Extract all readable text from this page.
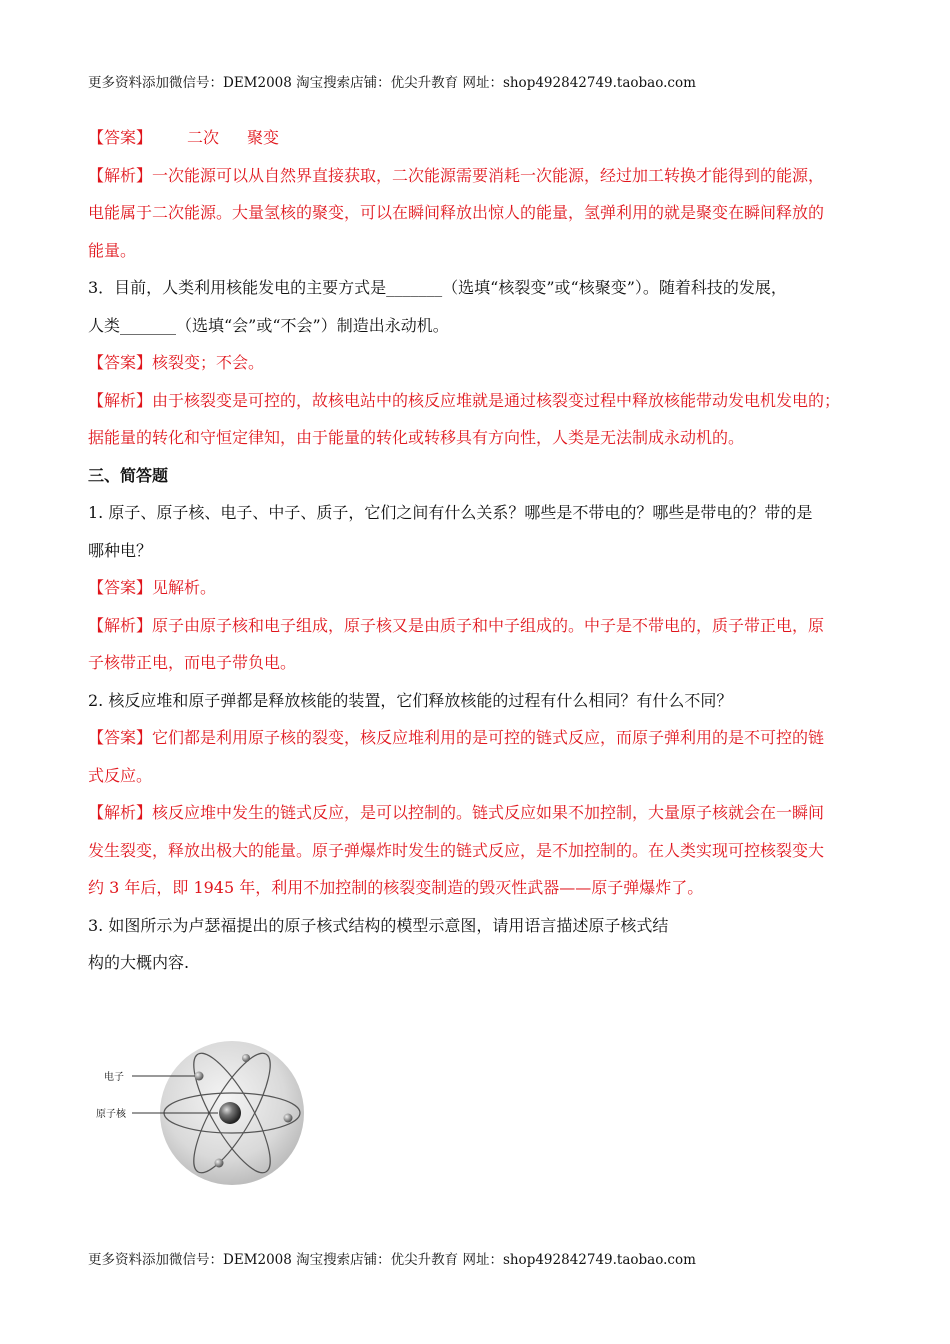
更多资料添加微信号：DEM2008 淘宝搜索店铺：优尖升教育 网址：shop492842749.taobao.com
【答案】 二次 聚变
【解析】一次能源可以从自然界直接获取，二次能源需要消耗一次能源，经过加工转换才能得到的能源，
电能属于二次能源。大量氢核的聚变，可以在瞬间释放出惊人的能量，氢弹利用的就是聚变在瞬间释放的
能量。
3．目前，人类利用核能发电的主要方式是_______（选填“核裂变”或“核聚变”）。随着科技的发展，
人类_______（选填“会”或“不会”）制造出永动机。
【答案】核裂变；不会。
【解析】由于核裂变是可控的，故核电站中的核反应堆就是通过核裂变过程中释放核能带动发电机发电的；
据能量的转化和守恒定律知，由于能量的转化或转移具有方向性，人类是无法制成永动机的。
三、简答题
1. 原子、原子核、电子、中子、质子，它们之间有什么关系？哪些是不带电的？哪些是带电的？带的是
哪种电？
【答案】见解析。
【解析】原子由原子核和电子组成，原子核又是由质子和中子组成的。中子是不带电的，质子带正电，原
子核带正电，而电子带负电。
2. 核反应堆和原子弹都是释放核能的装置，它们释放核能的过程有什么相同？有什么不同？
【答案】它们都是利用原子核的裂变，核反应堆利用的是可控的链式反应，而原子弹利用的是不可控的链
式反应。
【解析】核反应堆中发生的链式反应，是可以控制的。链式反应如果不加控制，大量原子核就会在一瞬间
发生裂变，释放出极大的能量。原子弹爆炸时发生的链式反应，是不加控制的。在人类实现可控核裂变大
约 3 年后，即 1945 年，利用不加控制的核裂变制造的毁灭性武器——原子弹爆炸了。
3. 如图所示为卢瑟福提出的原子核式结构的模型示意图，请用语言描述原子核式结
构的大概内容.
电子
原子核
更多资料添加微信号：DEM2008 淘宝搜索店铺：优尖升教育 网址：shop492842749.taobao.com
